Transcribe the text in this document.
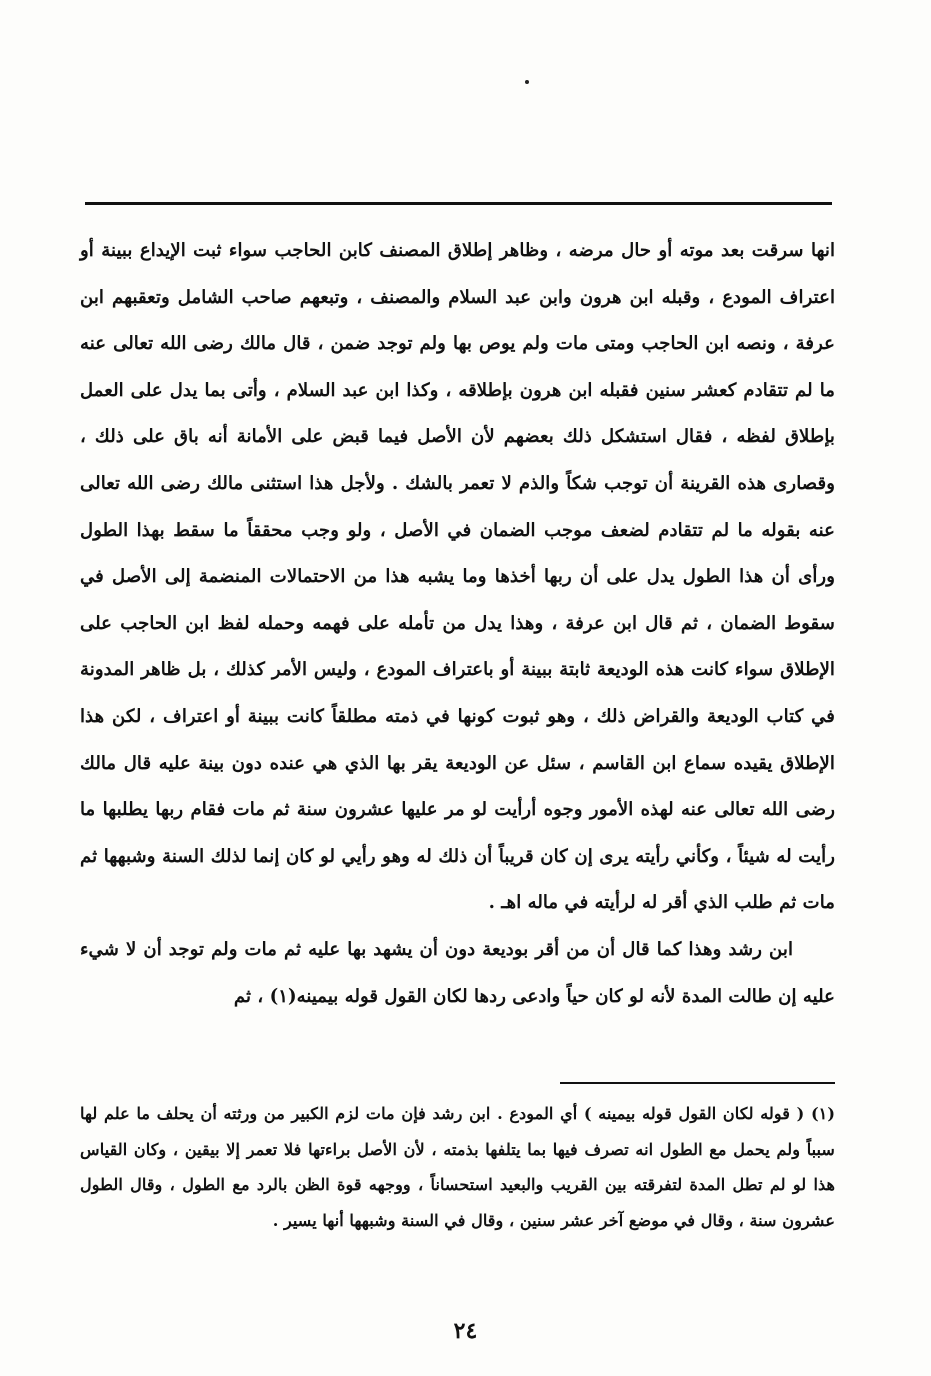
انها سرقت بعد موته أو حال مرضه ، وظاهر إطلاق المصنف كابن الحاجب سواء ثبت الإيداع ببينة أو اعتراف المودع ، وقبله ابن هرون وابن عبد السلام والمصنف ، وتبعهم صاحب الشامل وتعقبهم ابن عرفة ، ونصه ابن الحاجب ومتى مات ولم يوص بها ولم توجد ضمن ، قال مالك رضى الله تعالى عنه ما لم تتقادم كعشر سنين فقبله ابن هرون بإطلاقه ، وكذا ابن عبد السلام ، وأتى بما يدل على العمل بإطلاق لفظه ، فقال استشكل ذلك بعضهم لأن الأصل فيما قبض على الأمانة أنه باق على ذلك ، وقصارى هذه القرينة أن توجب شكاً والذم لا تعمر بالشك . ولأجل هذا استثنى مالك رضى الله تعالى عنه بقوله ما لم تتقادم لضعف موجب الضمان في الأصل ، ولو وجب محققاً ما سقط بهذا الطول ورأى أن هذا الطول يدل على أن ربها أخذها وما يشبه هذا من الاحتمالات المنضمة إلى الأصل في سقوط الضمان ، ثم قال ابن عرفة ، وهذا يدل من تأمله على فهمه وحمله لفظ ابن الحاجب على الإطلاق سواء كانت هذه الوديعة ثابتة ببينة أو باعتراف المودع ، وليس الأمر كذلك ، بل ظاهر المدونة في كتاب الوديعة والقراض ذلك ، وهو ثبوت كونها في ذمته مطلقاً كانت ببينة أو اعتراف ، لكن هذا الإطلاق يقيده سماع ابن القاسم ، سئل عن الوديعة يقر بها الذي هي عنده دون بينة عليه قال مالك رضى الله تعالى عنه لهذه الأمور وجوه أرأيت لو مر عليها عشرون سنة ثم مات فقام ربها يطلبها ما رأيت له شيئاً ، وكأني رأيته يرى إن كان قريباً أن ذلك له وهو رأيي لو كان إنما لذلك السنة وشبهها ثم مات ثم طلب الذي أقر له لرأيته في ماله اهـ .

ابن رشد وهذا كما قال أن من أقر بوديعة دون أن يشهد بها عليه ثم مات ولم توجد أن لا شيء عليه إن طالت المدة لأنه لو كان حياً وادعى ردها لكان القول قوله بيمينه(١) ، ثم

(١) ( قوله لكان القول قوله بيمينه ) أي المودع . ابن رشد فإن مات لزم الكبير من ورثته أن يحلف ما علم لها سبباً ولم يحمل مع الطول انه تصرف فيها بما يتلفها بذمته ، لأن الأصل براءتها فلا تعمر إلا بيقين ، وكان القياس هذا لو لم تطل المدة لتفرقته بين القريب والبعيد استحساناً ، ووجهه قوة الظن بالرد مع الطول ، وقال الطول عشرون سنة ، وقال في موضع آخر عشر سنين ، وقال في السنة وشبهها أنها يسير .

٢٤
